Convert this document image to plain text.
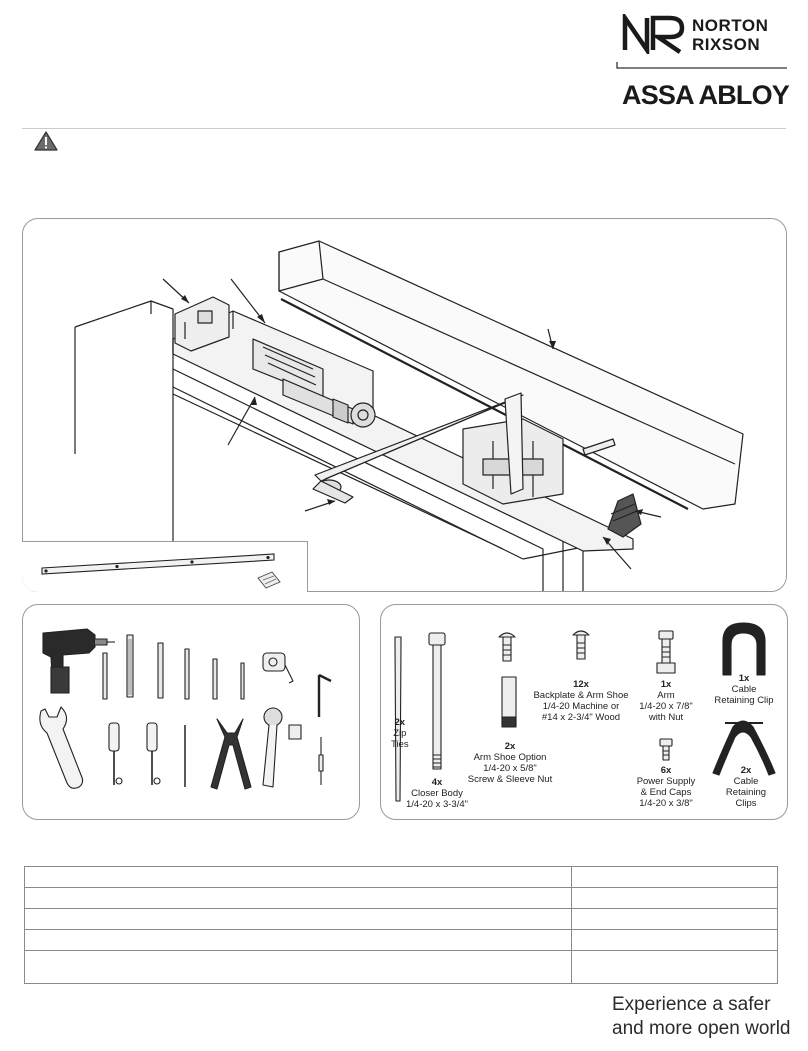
NORTON
RIXSON
ASSA ABLOY
2x
Zip
Ties
4x
Closer Body
1/4-20 x 3-3/4"
2x
Arm Shoe Option
1/4-20 x 5/8"
Screw & Sleeve Nut
12x
Backplate & Arm Shoe
1/4-20 Machine or
#14 x 2-3/4" Wood
1x
Arm
1/4-20 x 7/8"
with Nut
6x
Power Supply
& End Caps
1/4-20 x 3/8"
1x
Cable
Retaining Clip
2x
Cable
Retaining
Clips

Experience a safer
and more open world
